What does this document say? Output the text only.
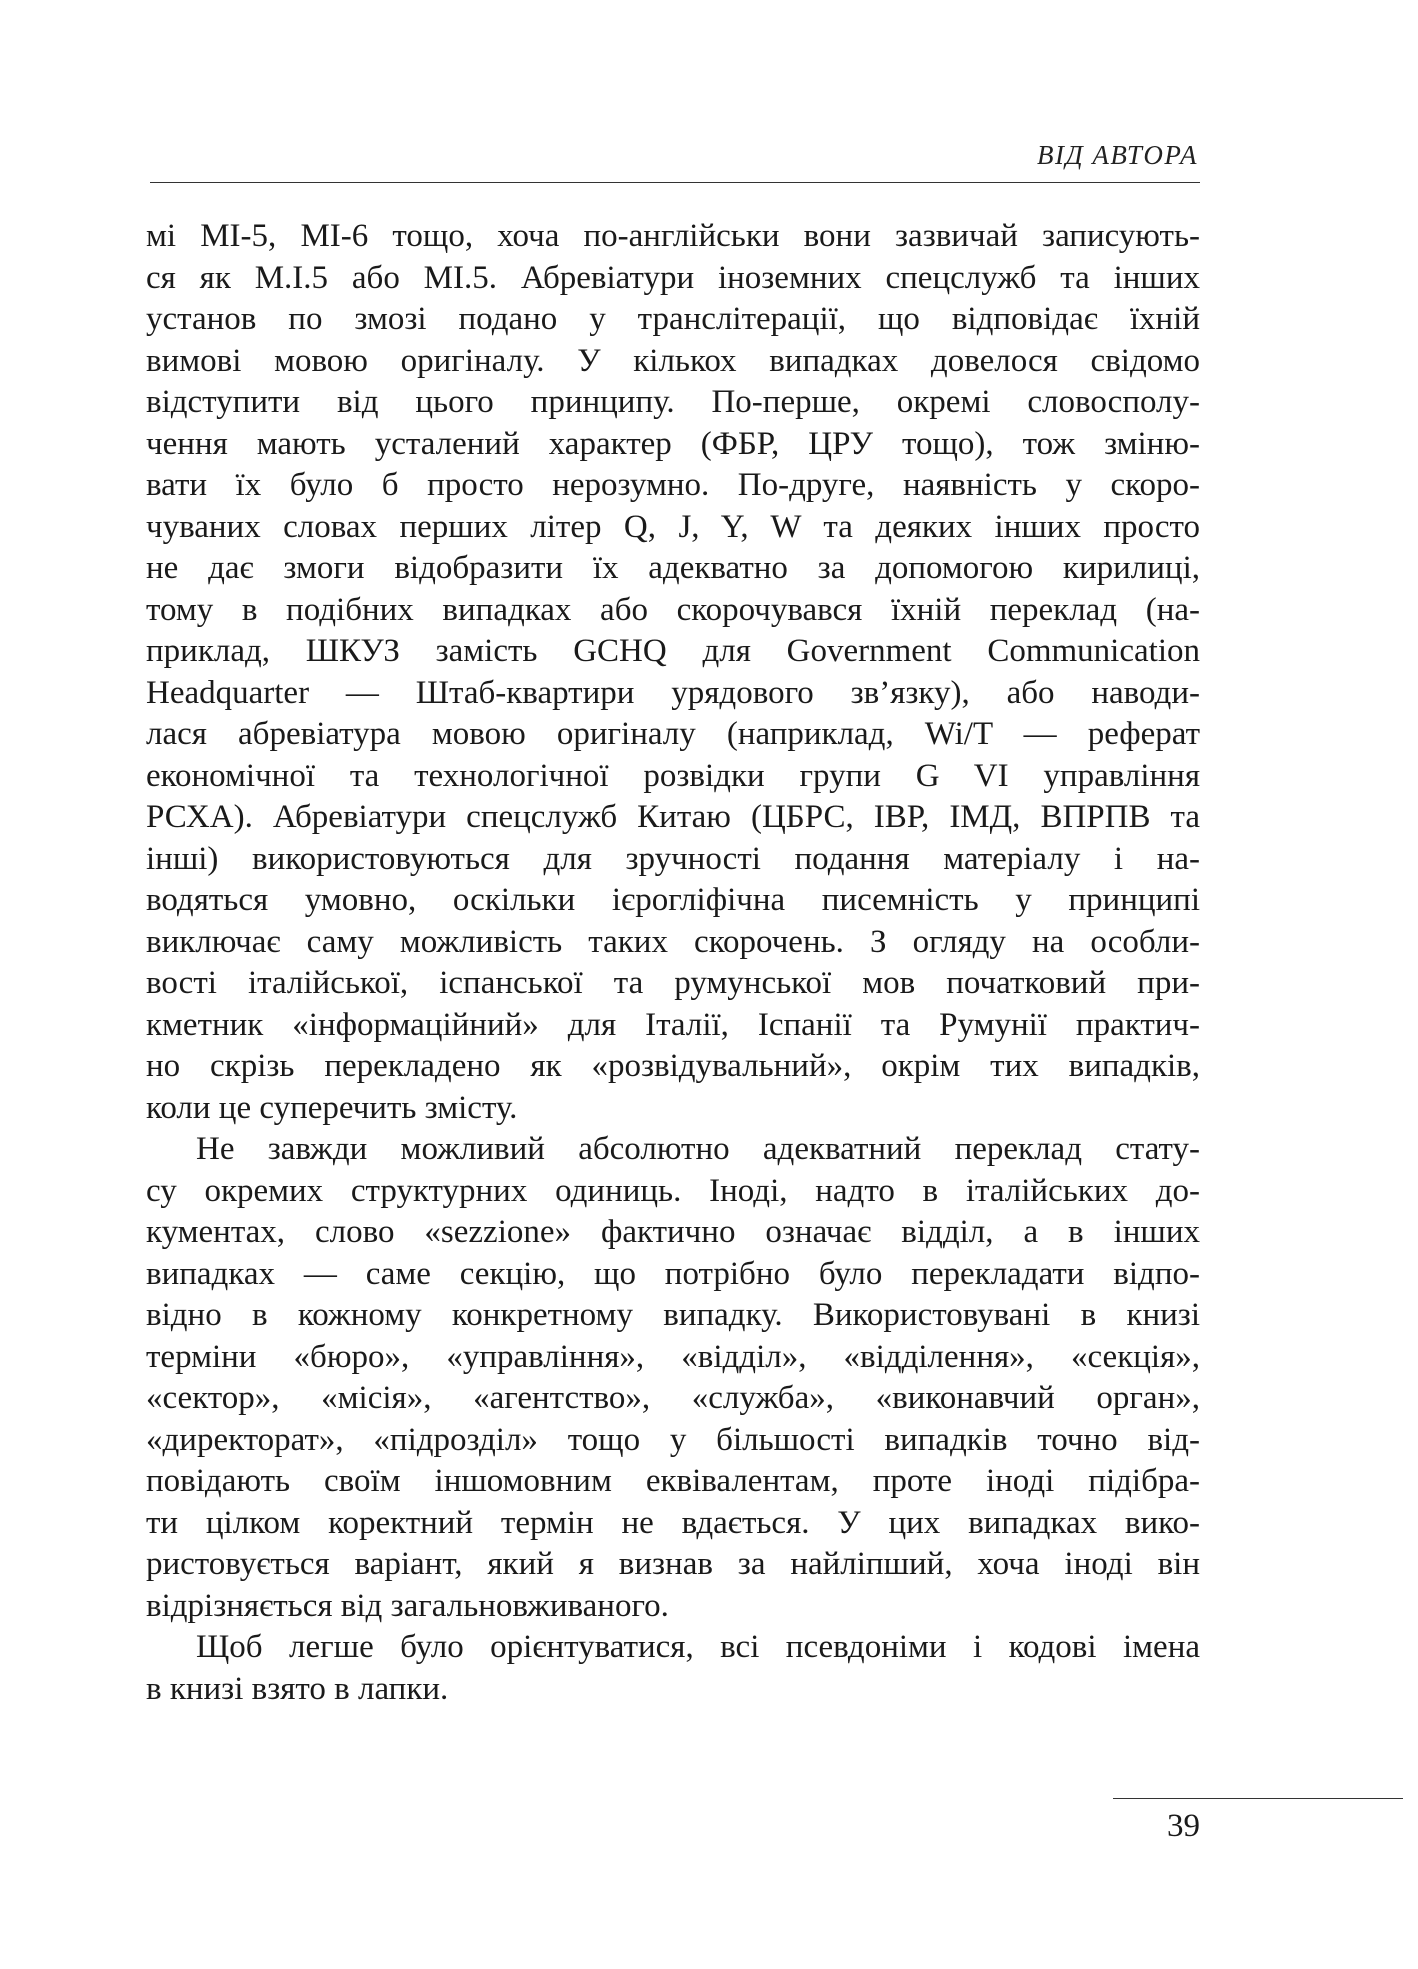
ВІД АВТОРА
мі МІ-5, МІ-6 тощо, хоча по-англійськи вони зазвичай записують-
ся як М.І.5 або МІ.5. Абревіатури іноземних спецслужб та інших
установ по змозі подано у транслітерації, що відповідає їхній
вимові мовою оригіналу. У кількох випадках довелося свідомо
відступити від цього принципу. По-перше, окремі словосполу-
чення мають усталений характер (ФБР, ЦРУ тощо), тож зміню-
вати їх було б просто нерозумно. По-друге, наявність у скоро-
чуваних словах перших літер Q, J, Y, W та деяких інших просто
не дає змоги відобразити їх адекватно за допомогою кирилиці,
тому в подібних випадках або скорочувався їхній переклад (на-
приклад, ШКУЗ замість GCHQ для Government Communication
Headquarter — Штаб-квартири урядового зв’язку), або наводи-
лася абревіатура мовою оригіналу (наприклад, Wi/T — реферат
економічної та технологічної розвідки групи G VI управління
РСХА). Абревіатури спецслужб Китаю (ЦБРС, ІВР, ІМД, ВПРПВ та
інші) використовуються для зручності подання матеріалу і на-
водяться умовно, оскільки ієрогліфічна писемність у принципі
виключає саму можливість таких скорочень. З огляду на особли-
вості італійської, іспанської та румунської мов початковий при-
кметник «інформаційний» для Італії, Іспанії та Румунії практич-
но скрізь перекладено як «розвідувальний», окрім тих випадків,
коли це суперечить змісту.
Не завжди можливий абсолютно адекватний переклад стату-
су окремих структурних одиниць. Іноді, надто в італійських до-
кументах, слово «sezzione» фактично означає відділ, а в інших
випадках — саме секцію, що потрібно було перекладати відпо-
відно в кожному конкретному випадку. Використовувані в книзі
терміни «бюро», «управління», «відділ», «відділення», «секція»,
«сектор», «місія», «агентство», «служба», «виконавчий орган»,
«директорат», «підрозділ» тощо у більшості випадків точно від-
повідають своїм іншомовним еквівалентам, проте іноді підібра-
ти цілком коректний термін не вдається. У цих випадках вико-
ристовується варіант, який я визнав за найліпший, хоча іноді він
відрізняється від загальновживаного.
Щоб легше було орієнтуватися, всі псевдоніми і кодові імена
в книзі взято в лапки.
39
